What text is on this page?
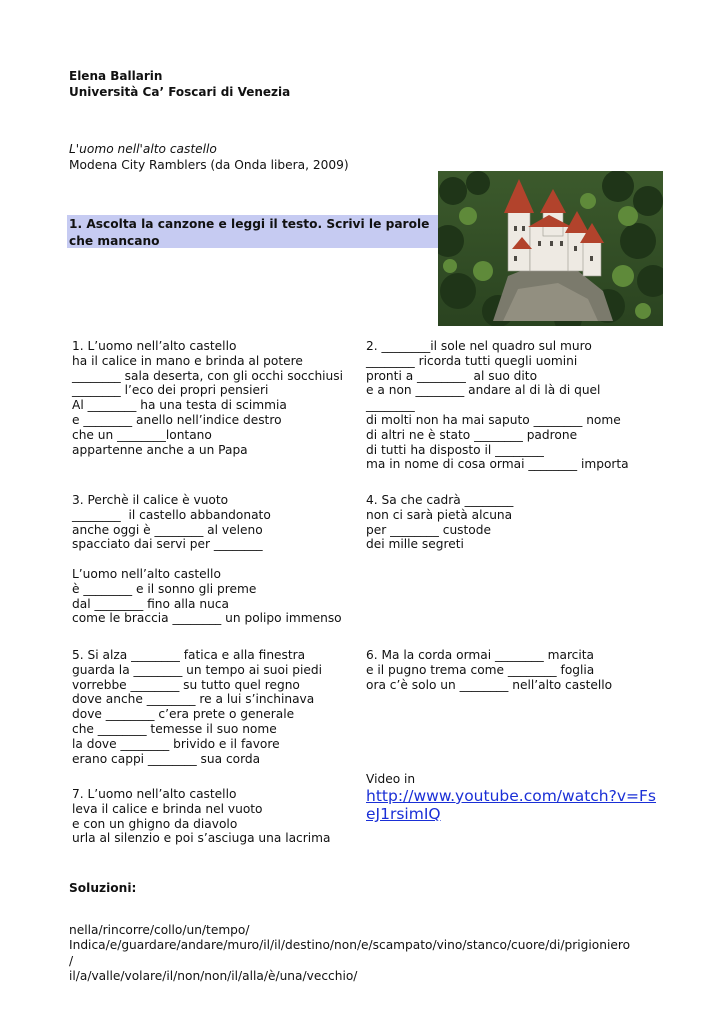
Elena Ballarin
Università Ca’ Foscari di Venezia
L'uomo nell'alto castello
Modena City Ramblers (da Onda libera, 2009)
1. Ascolta la canzone e leggi il testo. Scrivi le parole
che mancano
1. L’uomo nell’alto castello
ha il calice in mano e brinda al potere
________ sala deserta, con gli occhi socchiusi
________ l’eco dei propri pensieri
Al ________ ha una testa di scimmia
e ________ anello nell’indice destro
che un ________lontano
appartenne anche a un Papa
2. ________il sole nel quadro sul muro
________ ricorda tutti quegli uomini
pronti a ________  al suo dito
e a non ________ andare al di là di quel
________
di molti non ha mai saputo ________ nome
di altri ne è stato ________ padrone
di tutti ha disposto il ________
ma in nome di cosa ormai ________ importa
3. Perchè il calice è vuoto
________  il castello abbandonato
anche oggi è ________ al veleno
spacciato dai servi per ________

L’uomo nell’alto castello
è ________ e il sonno gli preme
dal ________ fino alla nuca
come le braccia ________ un polipo immenso
4. Sa che cadrà ________
non ci sarà pietà alcuna
per ________ custode
dei mille segreti
5. Si alza ________ fatica e alla finestra
guarda la ________ un tempo ai suoi piedi
vorrebbe ________ su tutto quel regno
dove anche ________ re a lui s’inchinava
dove ________ c’era prete o generale
che ________ temesse il suo nome
la dove ________ brivido e il favore
erano cappi ________ sua corda
6. Ma la corda ormai ________ marcita
e il pugno trema come ________ foglia
ora c’è solo un ________ nell’alto castello
7. L’uomo nell’alto castello
leva il calice e brinda nel vuoto
e con un ghigno da diavolo
urla al silenzio e poi s’asciuga una lacrima
Video in
http://www.youtube.com/watch?v=Fs
eJ1rsimIQ
Soluzioni:
nella/rincorre/collo/un/tempo/
Indica/e/guardare/andare/muro/il/il/destino/non/e/scampato/vino/stanco/cuore/di/prigioniero
/
il/a/valle/volare/il/non/non/il/alla/è/una/vecchio/
